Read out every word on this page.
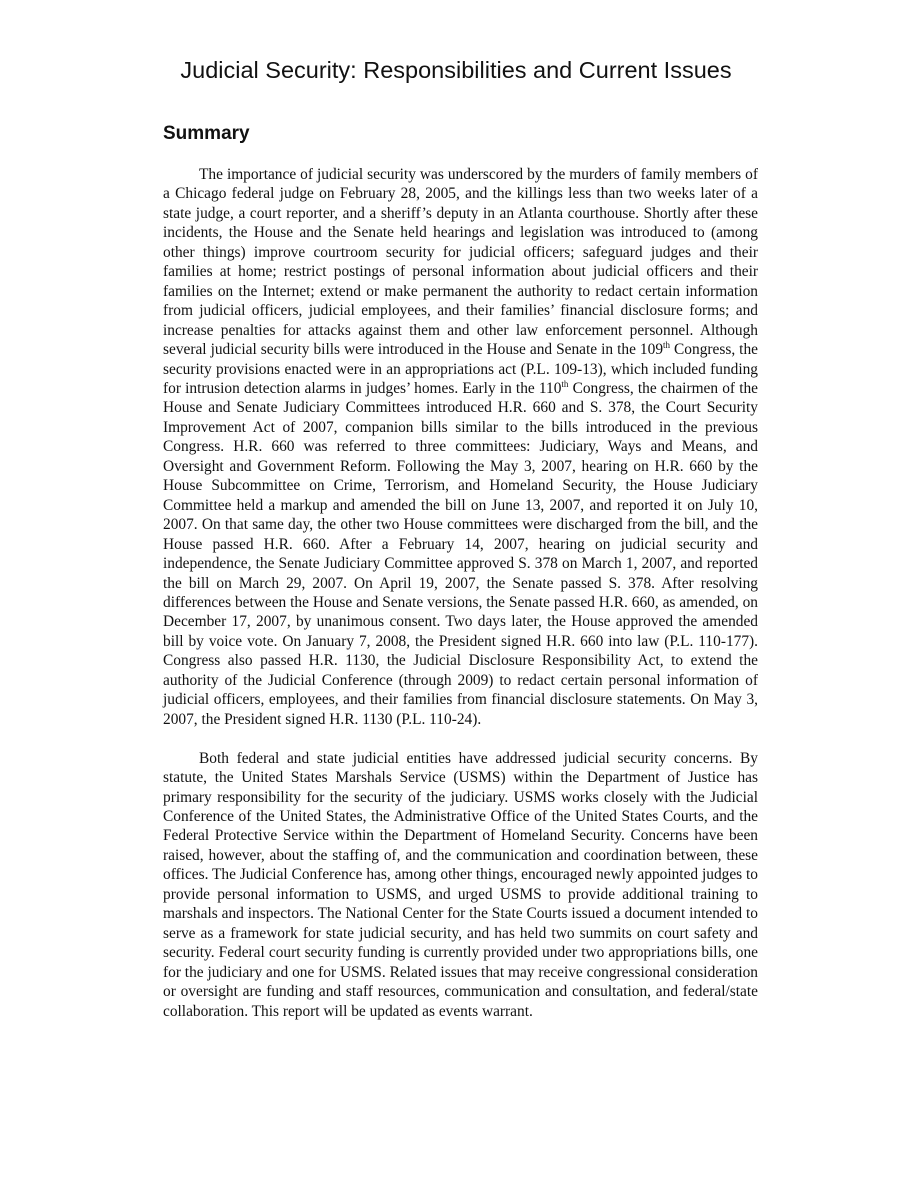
Judicial Security: Responsibilities and Current Issues
Summary

The importance of judicial security was underscored by the murders of family members of a Chicago federal judge on February 28, 2005, and the killings less than two weeks later of a state judge, a court reporter, and a sheriff’s deputy in an Atlanta courthouse. Shortly after these incidents, the House and the Senate held hearings and legislation was introduced to (among other things) improve courtroom security for judicial officers; safeguard judges and their families at home; restrict postings of personal information about judicial officers and their families on the Internet; extend or make permanent the authority to redact certain information from judicial officers, judicial employees, and their families’ financial disclosure forms; and increase penalties for attacks against them and other law enforcement personnel. Although several judicial security bills were introduced in the House and Senate in the 109th Congress, the security provisions enacted were in an appropriations act (P.L. 109-13), which included funding for intrusion detection alarms in judges’ homes. Early in the 110th Congress, the chairmen of the House and Senate Judiciary Committees introduced H.R. 660 and S. 378, the Court Security Improvement Act of 2007, companion bills similar to the bills introduced in the previous Congress. H.R. 660 was referred to three committees: Judiciary, Ways and Means, and Oversight and Government Reform. Following the May 3, 2007, hearing on H.R. 660 by the House Subcommittee on Crime, Terrorism, and Homeland Security, the House Judiciary Committee held a markup and amended the bill on June 13, 2007, and reported it on July 10, 2007. On that same day, the other two House committees were discharged from the bill, and the House passed H.R. 660. After a February 14, 2007, hearing on judicial security and independence, the Senate Judiciary Committee approved S. 378 on March 1, 2007, and reported the bill on March 29, 2007. On April 19, 2007, the Senate passed S. 378. After resolving differences between the House and Senate versions, the Senate passed H.R. 660, as amended, on December 17, 2007, by unanimous consent. Two days later, the House approved the amended bill by voice vote. On January 7, 2008, the President signed H.R. 660 into law (P.L. 110-177). Congress also passed H.R. 1130, the Judicial Disclosure Responsibility Act, to extend the authority of the Judicial Conference (through 2009) to redact certain personal information of judicial officers, employees, and their families from financial disclosure statements. On May 3, 2007, the President signed H.R. 1130 (P.L. 110-24).

Both federal and state judicial entities have addressed judicial security concerns. By statute, the United States Marshals Service (USMS) within the Department of Justice has primary responsibility for the security of the judiciary. USMS works closely with the Judicial Conference of the United States, the Administrative Office of the United States Courts, and the Federal Protective Service within the Department of Homeland Security. Concerns have been raised, however, about the staffing of, and the communication and coordination between, these offices. The Judicial Conference has, among other things, encouraged newly appointed judges to provide personal information to USMS, and urged USMS to provide additional training to marshals and inspectors. The National Center for the State Courts issued a document intended to serve as a framework for state judicial security, and has held two summits on court safety and security. Federal court security funding is currently provided under two appropriations bills, one for the judiciary and one for USMS. Related issues that may receive congressional consideration or oversight are funding and staff resources, communication and consultation, and federal/state collaboration. This report will be updated as events warrant.
